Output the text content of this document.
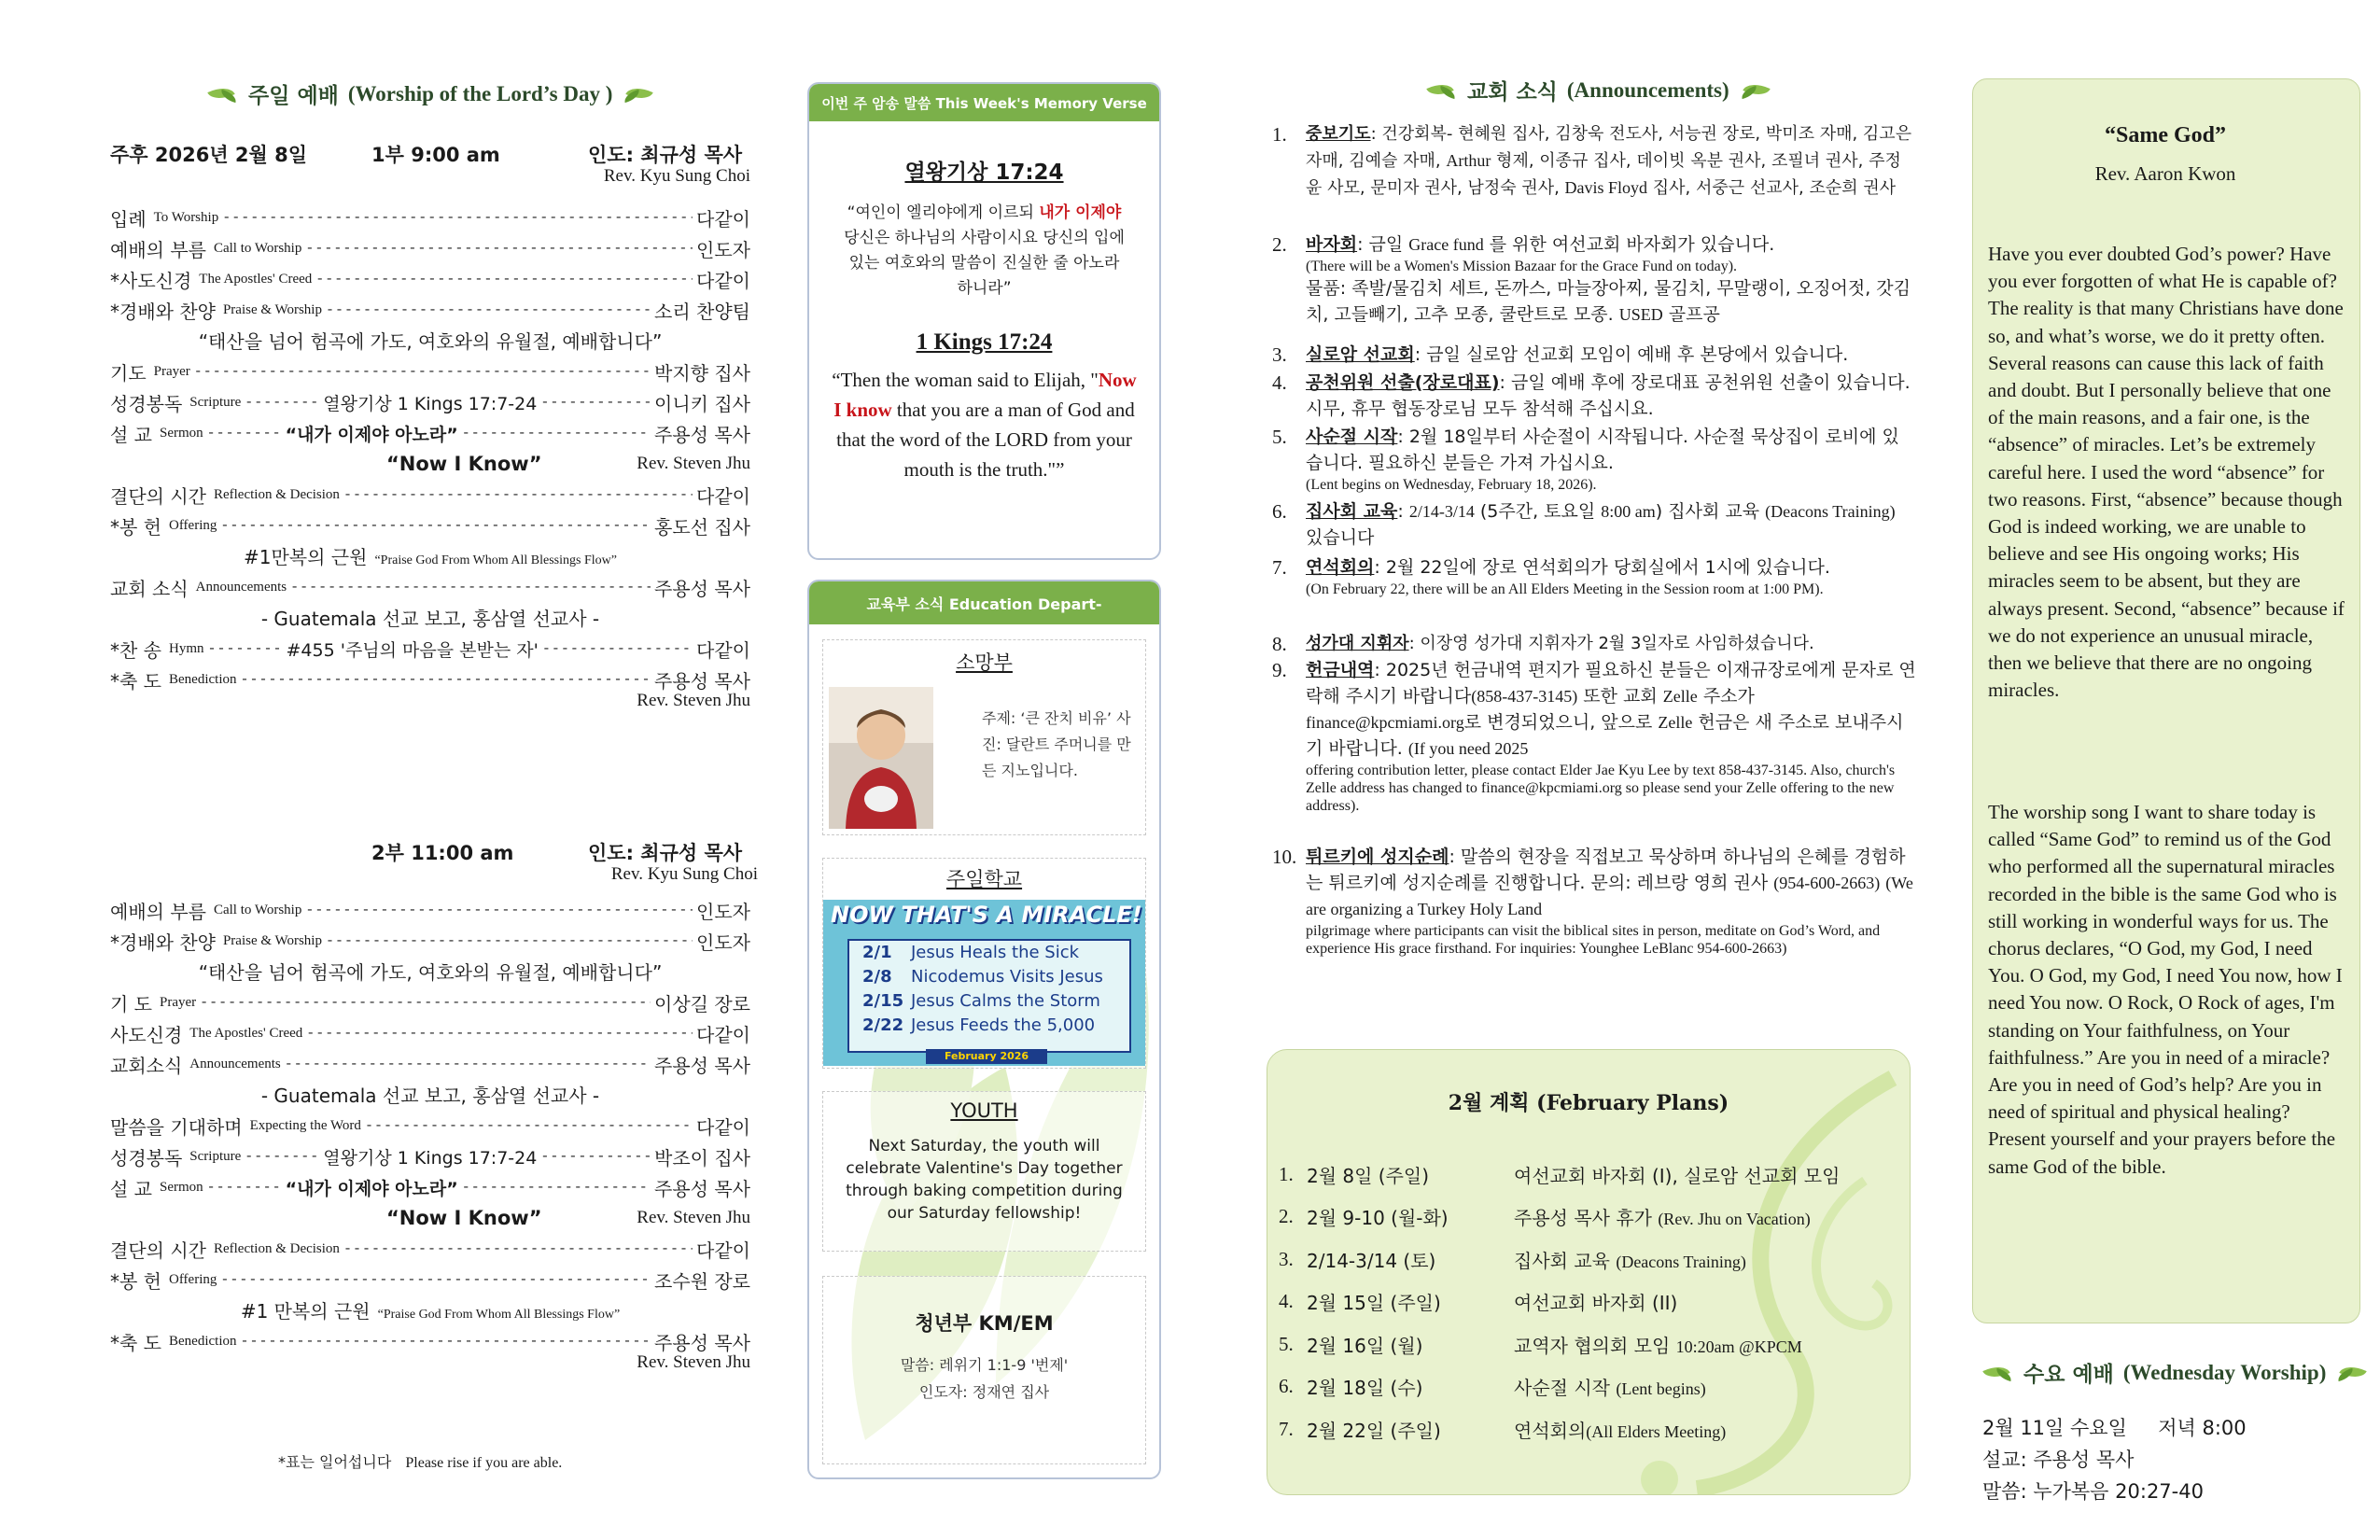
주일 예배 (Worship of the Lord’s Day )
주후 2026년 2월 8일	1부 9:00 am	인도: 최규성 목사
Rev. Kyu Sung Choi
입례 To Worship -----	다같이
예배의 부름 Call to Worship -----	인도자
*사도신경 The Apostles' Creed -----	다같이
*경배와 찬양 Praise & Worship -----	소리 찬양팀
“태산을 넘어 험곡에 가도, 여호와의 유월절, 예배합니다”
기도 Prayer -----	박지향 집사
성경봉독 Scripture -----	열왕기상 1 Kings 17:7-24 -----	이니키 집사
설 교 Sermon -----	“내가 이제야 아노라” -----	주용성 목사
“Now I Know”	Rev. Steven Jhu
결단의 시간 Reflection & Decision -----	다같이
*봉 헌 Offering -----	홍도선 집사
#1만복의 근원 “Praise God From Whom All Blessings Flow”
교회 소식 Announcements -----	주용성 목사
- Guatemala 선교 보고, 홍삼열 선교사 -
*찬 송 Hymn -----	#455 '주님의 마음을 본받는 자' -----	다같이
*축 도 Benediction -----	주용성 목사
Rev. Steven Jhu
2부 11:00 am	인도: 최규성 목사
Rev. Kyu Sung Choi
예배의 부름 Call to Worship -----	인도자
*경배와 찬양 Praise & Worship -----	인도자
“태산을 넘어 험곡에 가도, 여호와의 유월절, 예배합니다”
기 도 Prayer -----	이상길 장로
사도신경 The Apostles' Creed -----	다같이
교회소식 Announcements -----	주용성 목사
- Guatemala 선교 보고, 홍삼열 선교사 -
말씀을 기대하며 Expecting the Word -----	다같이
성경봉독 Scripture -----	열왕기상 1 Kings 17:7-24 -----	박조이 집사
설 교 Sermon -----	“내가 이제야 아노라” -----	주용성 목사
“Now I Know”	Rev. Steven Jhu
결단의 시간 Reflection & Decision -----	다같이
*봉 헌 Offering -----	조수원 장로
#1 만복의 근원 “Praise God From Whom All Blessings Flow”
*축 도 Benediction -----	주용성 목사
Rev. Steven Jhu
*표는 일어섭니다 Please rise if you are able.
이번 주 암송 말씀 This Week's Memory Verse
열왕기상 17:24
“여인이 엘리야에게 이르되 내가 이제야 당신은 하나님의 사람이시요 당신의 입에 있는 여호와의 말씀이 진실한 줄 아노라 하니라”
1 Kings 17:24
“Then the woman said to Elijah, "Now I know that you are a man of God and that the word of the LORD from your mouth is the truth."”
교육부 소식 Education Depart-
소망부
주제: ‘큰 잔치 비유’ 사진: 달란트 주머니를 만든 지노입니다.
주일학교
NOW THAT'S A MIRACLE!
2/1	Jesus Heals the Sick
2/8	Nicodemus Visits Jesus
2/15 Jesus Calms the Storm
2/22 Jesus Feeds the 5,000
February 2026
YOUTH
Next Saturday, the youth will celebrate Valentine's Day together through baking competition during our Saturday fellowship!
청년부 KM/EM
말씀: 레위기 1:1-9 '번제'
인도자: 정재연 집사
교회 소식 (Announcements)
1.	중보기도: 건강회복- 현혜원 집사, 김창욱 전도사, 서능권 장로, 박미조 자매, 김고은 자매, 김예슬 자매, Arthur 형제, 이종규 집사, 데이빗 옥분 권사, 조필녀 권사, 주정윤 사모, 문미자 권사, 남정숙 권사, Davis Floyd 집사, 서중근 선교사, 조순희 권사
2.	바자회: 금일 Grace fund 를 위한 여선교회 바자회가 있습니다.
(There will be a Women's Mission Bazaar for the Grace Fund on today).
물품: 족발/물김치 세트, 돈까스, 마늘장아찌, 물김치, 무말랭이, 오징어젓, 갓김치, 고들빼기, 고추 모종, 쿨란트로 모종. USED 골프공
3.	실로암 선교회: 금일 실로암 선교회 모임이 예배 후 본당에서 있습니다.
4.	공천위원 선출(장로대표): 금일 예배 후에 장로대표 공천위원 선출이 있습니다. 시무, 휴무 협동장로님 모두 참석해 주십시요.
5.	사순절 시작: 2월 18일부터 사순절이 시작됩니다. 사순절 묵상집이 로비에 있습니다. 필요하신 분들은 가져 가십시요.
(Lent begins on Wednesday, February 18, 2026).
6.	집사회 교육: 2/14-3/14 (5주간, 토요일 8:00 am) 집사회 교육 (Deacons Training) 있습니다
7.	연석회의: 2월 22일에 장로 연석회의가 당회실에서 1시에 있습니다.
(On February 22, there will be an All Elders Meeting in the Session room at 1:00 PM).
8.	성가대 지휘자: 이장영 성가대 지휘자가 2월 3일자로 사임하셨습니다.
9.	헌금내역: 2025년 헌금내역 편지가 필요하신 분들은 이재규장로에게 문자로 연락해 주시기 바랍니다(858-437-3145) 또한 교회 Zelle 주소가 finance@kpcmiami.org로 변경되었으니, 앞으로 Zelle 헌금은 새 주소로 보내주시기 바랍니다. (If you need 2025
offering contribution letter, please contact Elder Jae Kyu Lee by text 858-437-3145. Also, church's Zelle address has changed to finance@kpcmiami.org so please send your Zelle offering to the new address).
10. 튀르키에 성지순례: 말씀의 현장을 직접보고 묵상하며 하나님의 은혜를 경험하는 튀르키예 성지순례를 진행합니다. 문의: 레브랑 영희 권사 (954-600-2663) (We are organizing a Turkey Holy Land
pilgrimage where participants can visit the biblical sites in person, meditate on God’s Word, and experience His grace firsthand. For inquiries: Younghee LeBlanc 954-600-2663)
2월 계획 (February Plans)
1. 2월 8일 (주일)	여선교회 바자회 (I), 실로암 선교회 모임
2. 2월 9-10 (월-화)	주용성 목사 휴가 (Rev. Jhu on Vacation)
3. 2/14-3/14 (토)	집사회 교육 (Deacons Training)
4. 2월 15일 (주일)	여선교회 바자회 (II)
5. 2월 16일 (월)	교역자 협의회 모임 10:20am @KPCM
6. 2월 18일 (수)	사순절 시작 (Lent begins)
7. 2월 22일 (주일)	연석회의(All Elders Meeting)
“Same God”
Rev. Aaron Kwon
Have you ever doubted God’s power? Have you ever forgotten of what He is capable of? The reality is that many Christians have done so, and what’s worse, we do it pretty often. Several reasons can cause this lack of faith and doubt. But I personally believe that one of the main reasons, and a fair one, is the “absence” of miracles. Let’s be extremely careful here. I used the word “absence” for two reasons. First, “absence” because though God is indeed working, we are unable to believe and see His ongoing works; His miracles seem to be absent, but they are always present. Second, “absence” because if we do not experience an unusual miracle, then we believe that there are no ongoing miracles.
The worship song I want to share today is called “Same God” to remind us of the God who performed all the supernatural miracles recorded in the bible is the same God who is still working in wonderful ways for us. The chorus declares, “O God, my God, I need You. O God, my God, I need You now, how I need You now. O Rock, O Rock of ages, I'm standing on Your faithfulness, on Your faithfulness.” Are you in need of a miracle? Are you in need of God’s help? Are you in need of spiritual and physical healing? Present yourself and your prayers before the same God of the bible.
수요 예배 (Wednesday Worship)
2월 11일 수요일     저녁 8:00
설교: 주용성 목사
말씀: 누가복음 20:27-40
